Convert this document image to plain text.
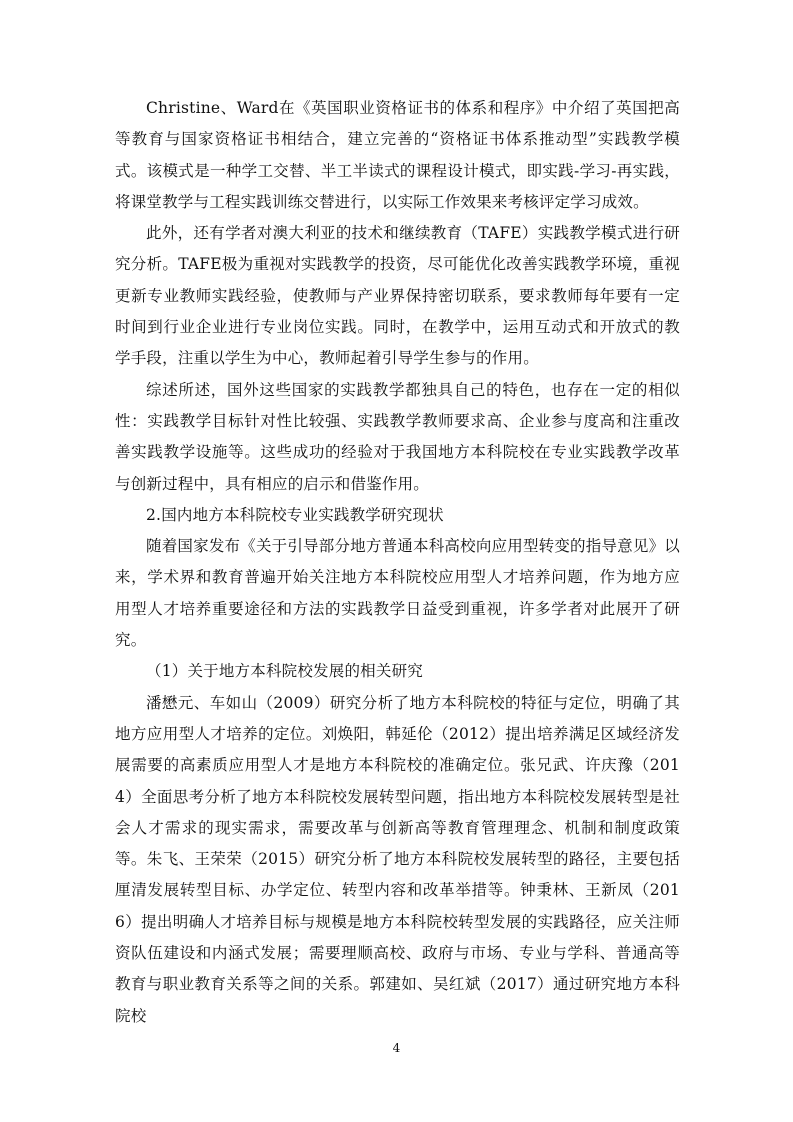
Christine、Ward在《英国职业资格证书的体系和程序》中介绍了英国把高等教育与国家资格证书相结合，建立完善的“资格证书体系推动型”实践教学模式。该模式是一种学工交替、半工半读式的课程设计模式，即实践-学习-再实践，将课堂教学与工程实践训练交替进行，以实际工作效果来考核评定学习成效。

此外，还有学者对澳大利亚的技术和继续教育（TAFE）实践教学模式进行研究分析。TAFE极为重视对实践教学的投资，尽可能优化改善实践教学环境，重视更新专业教师实践经验，使教师与产业界保持密切联系，要求教师每年要有一定时间到行业企业进行专业岗位实践。同时，在教学中，运用互动式和开放式的教学手段，注重以学生为中心，教师起着引导学生参与的作用。

综述所述，国外这些国家的实践教学都独具自己的特色，也存在一定的相似性：实践教学目标针对性比较强、实践教学教师要求高、企业参与度高和注重改善实践教学设施等。这些成功的经验对于我国地方本科院校在专业实践教学改革与创新过程中，具有相应的启示和借鉴作用。

2.国内地方本科院校专业实践教学研究现状

随着国家发布《关于引导部分地方普通本科高校向应用型转变的指导意见》以来，学术界和教育普遍开始关注地方本科院校应用型人才培养问题，作为地方应用型人才培养重要途径和方法的实践教学日益受到重视，许多学者对此展开了研究。

（1）关于地方本科院校发展的相关研究

潘懋元、车如山（2009）研究分析了地方本科院校的特征与定位，明确了其地方应用型人才培养的定位。刘焕阳，韩延伦（2012）提出培养满足区域经济发展需要的高素质应用型人才是地方本科院校的准确定位。张兄武、许庆豫（2014）全面思考分析了地方本科院校发展转型问题，指出地方本科院校发展转型是社会人才需求的现实需求，需要改革与创新高等教育管理理念、机制和制度政策等。朱飞、王荣荣（2015）研究分析了地方本科院校发展转型的路径，主要包括厘清发展转型目标、办学定位、转型内容和改革举措等。钟秉林、王新凤（2016）提出明确人才培养目标与规模是地方本科院校转型发展的实践路径，应关注师资队伍建设和内涵式发展；需要理顺高校、政府与市场、专业与学科、普通高等教育与职业教育关系等之间的关系。郭建如、吴红斌（2017）通过研究地方本科院校

4
